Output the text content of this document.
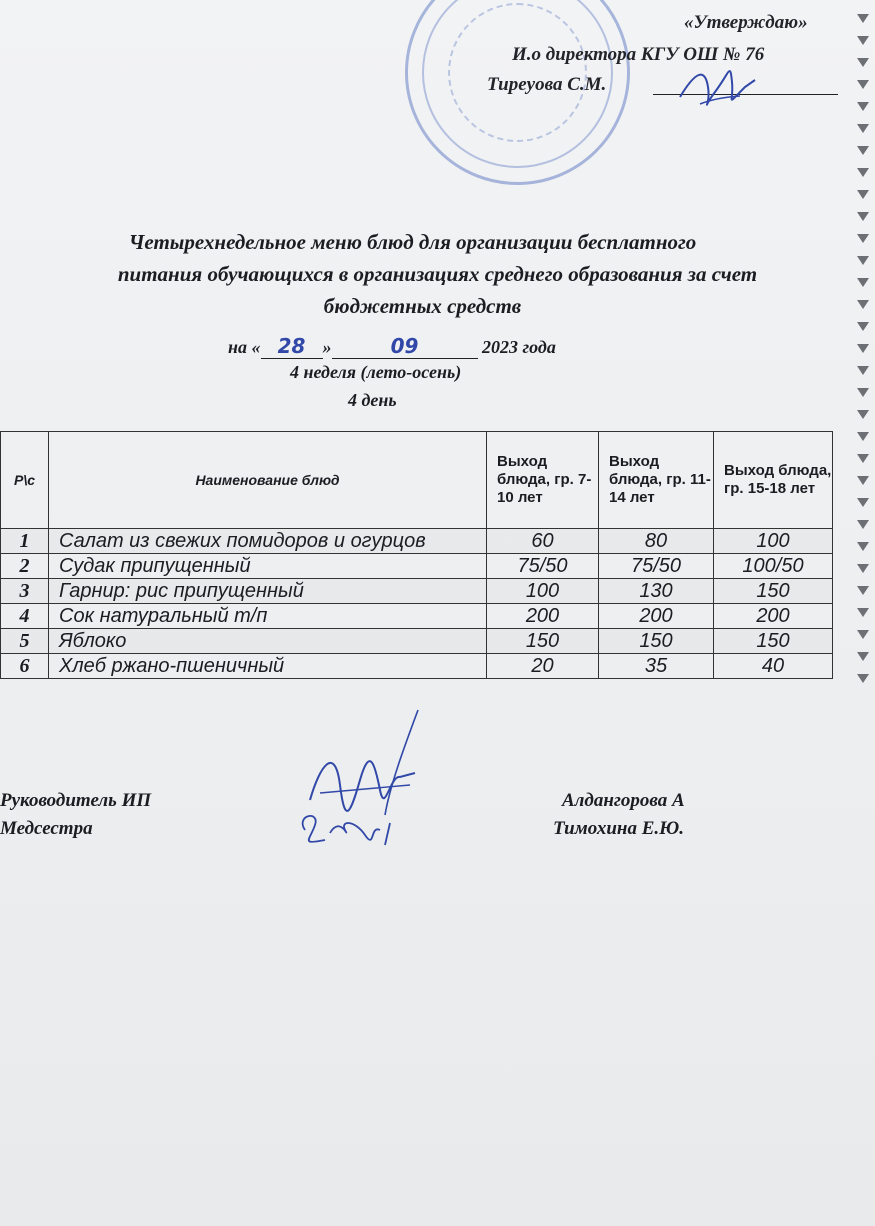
«Утверждаю»
И.о директора КГУ ОШ № 76
Тиреуова С.М.
Четырехнедельное меню блюд для организации бесплатного
питания обучающихся в организациях среднего образования за счет
бюджетных средств
на « 28 »	09	2023 года
4 неделя (лето-осень)
4 день
Р\с	Наименование блюд	Выход блюда, гр. 7-10 лет	Выход блюда, гр. 11-14 лет	Выход блюда, гр. 15-18 лет
1	Салат из свежих помидоров и огурцов	60	80	100
2	Судак припущенный	75/50	75/50	100/50
3	Гарнир: рис припущенный	100	130	150
4	Сок натуральный т/п	200	200	200
5	Яблоко	150	150	150
6	Хлеб ржано-пшеничный	20	35	40
Руководитель ИП	Алдангорова А
Медсестра	Тимохина Е.Ю.
